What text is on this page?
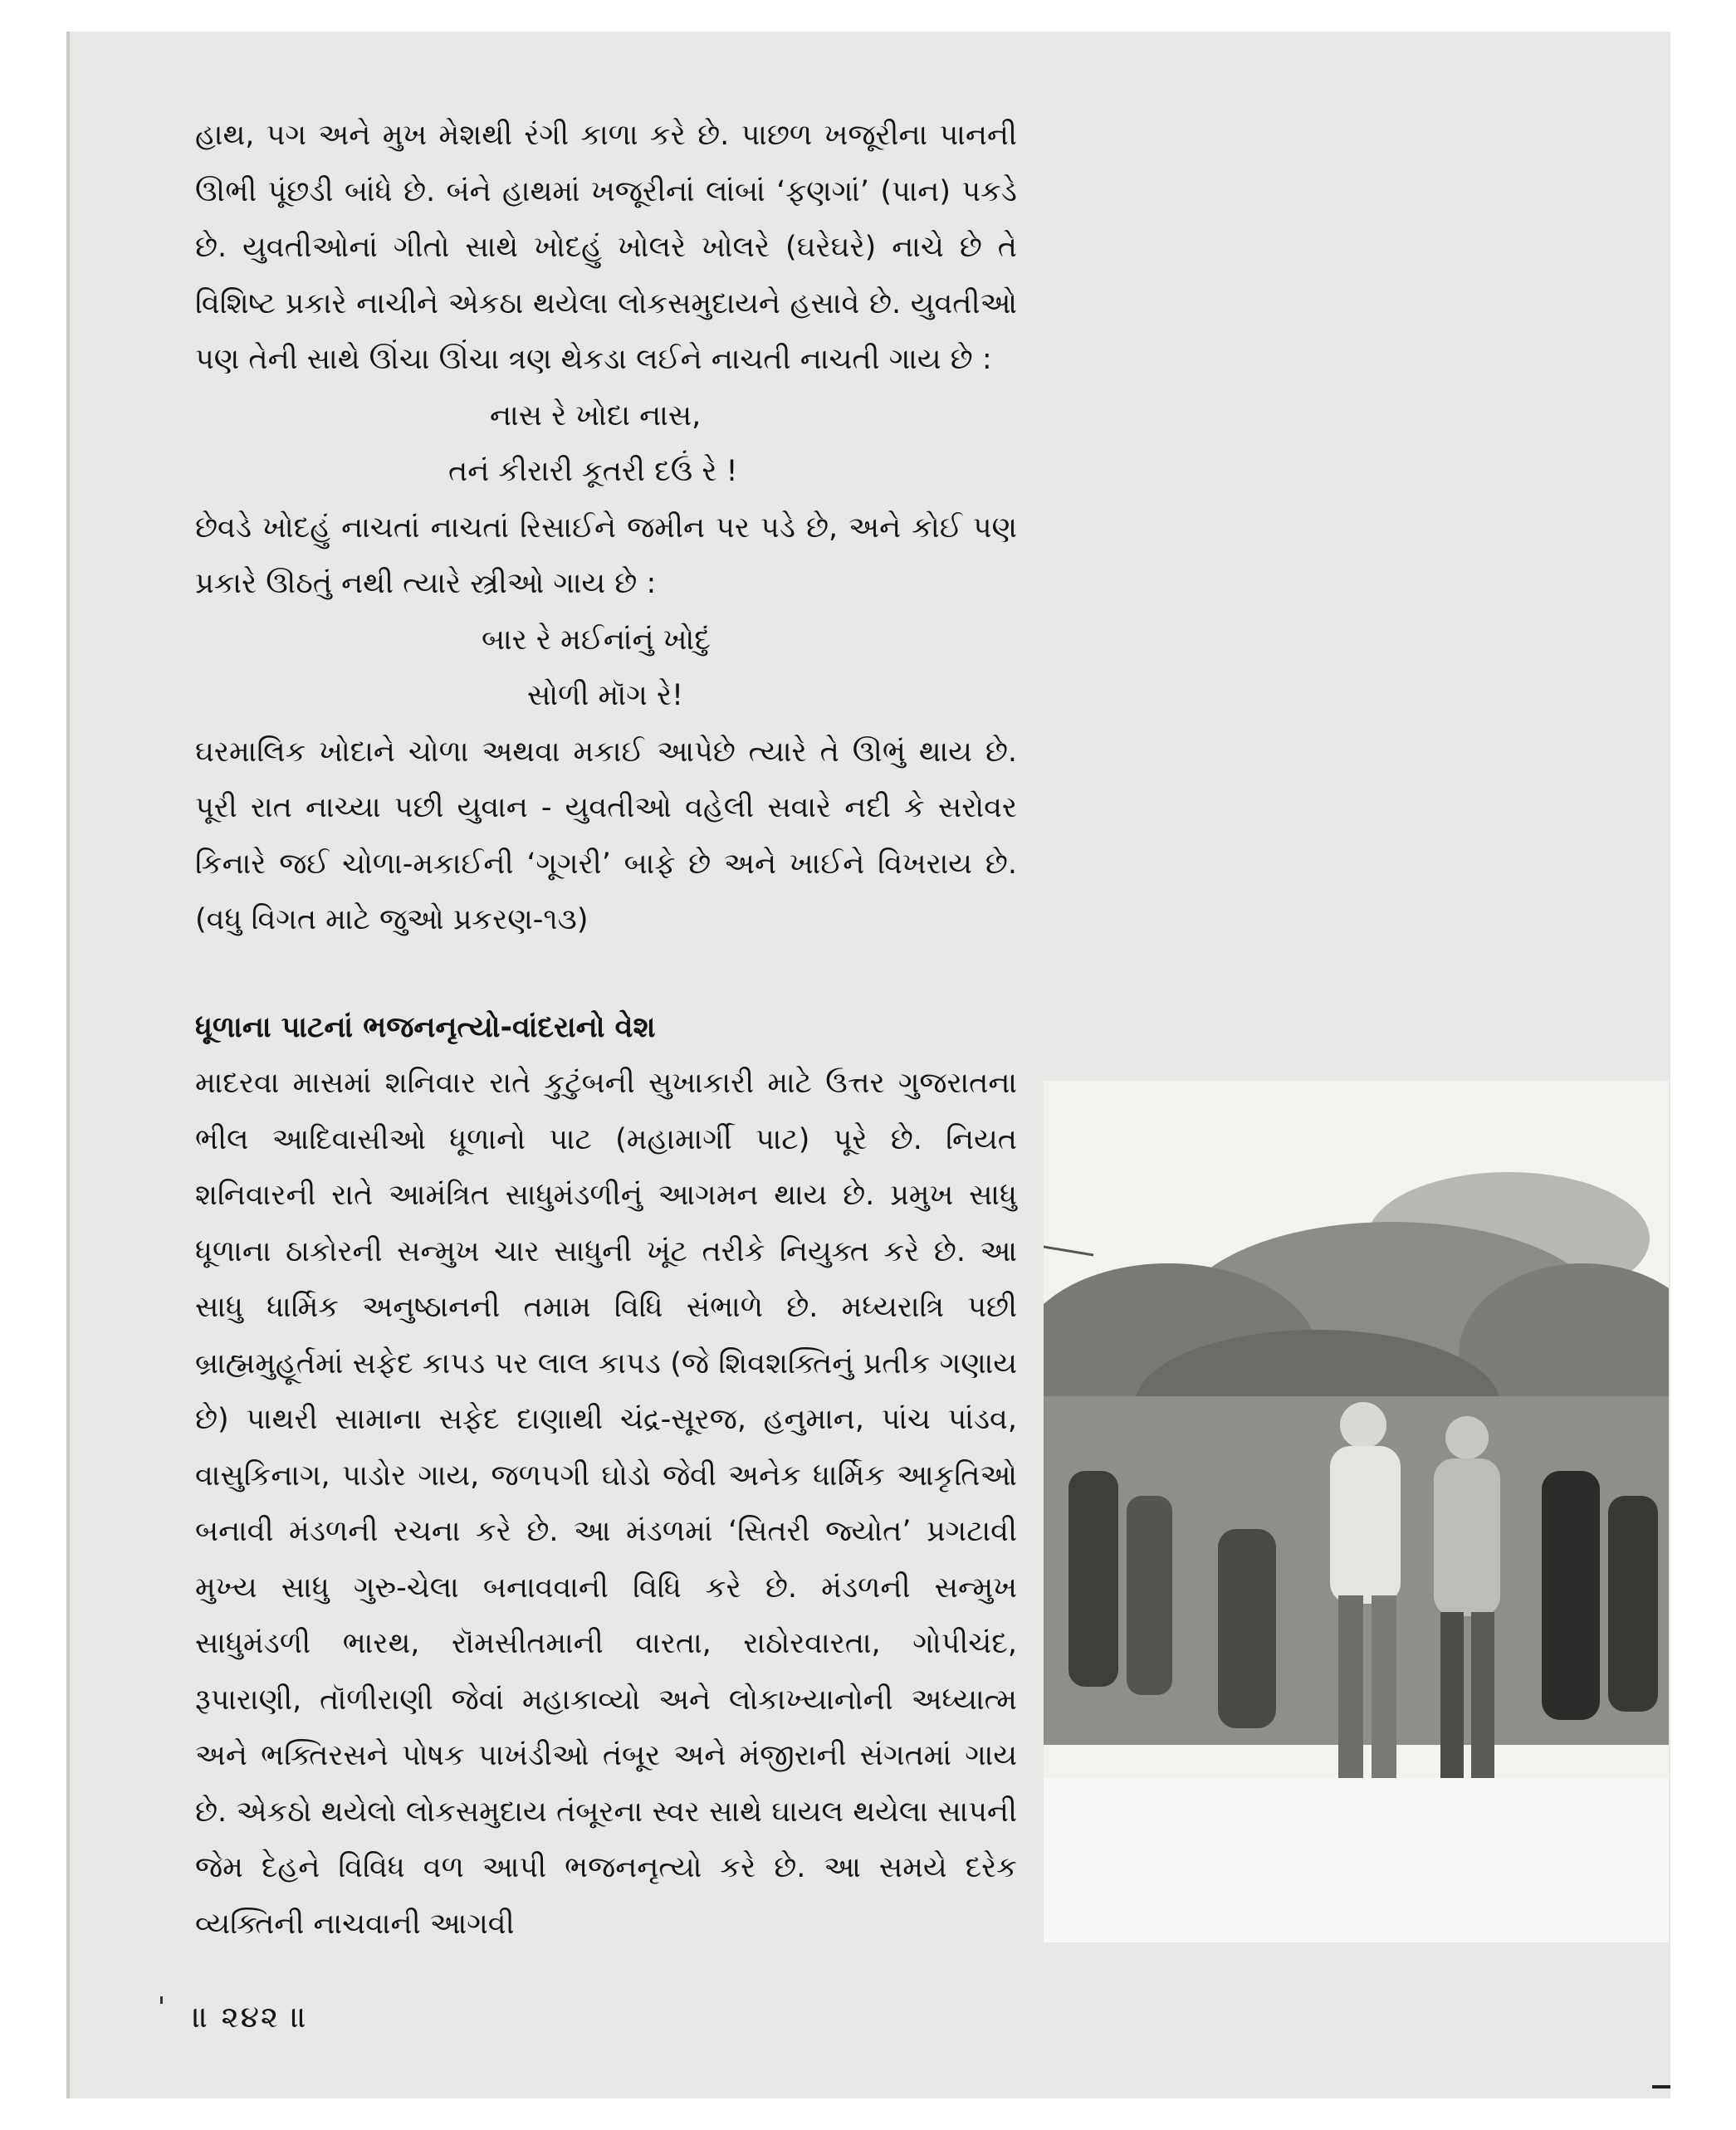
હાથ, પગ અને મુખ મેશથી રંગી કાળા કરે છે. પાછળ ખજૂરીના પાનની ઊભી પૂંછડી બાંધે છે. બંને હાથમાં ખજૂરીનાં લાંબાં ‘ફણગાં’ (પાન) પકડે છે. યુવતીઓનાં ગીતો સાથે ખોદહું ખોલરે ખોલરે (ઘરેઘરે) નાચે છે તે વિશિષ્ટ પ્રકારે નાચીને એકઠા થયેલા લોકસમુદાયને હસાવે છે. યુવતીઓ પણ તેની સાથે ઊંચા ઊંચા ત્રણ થેકડા લઈને નાચતી નાચતી ગાય છે :

નાસ રે ખોદા નાસ,

તનં કીરારી કૂતરી દઉં રે !

છેવડે ખોદહું નાચતાં નાચતાં રિસાઈને જમીન પર પડે છે, અને કોઈ પણ પ્રકારે ઊઠતું નથી ત્યારે સ્ત્રીઓ ગાય છે :

બાર રે મઈનાંનું ખોદું

સોળી મૉગ રે!

ઘરમાલિક ખોદાને ચોળા અથવા મકાઈ આપેછે ત્યારે તે ઊભું થાય છે. પૂરી રાત નાચ્યા પછી યુવાન - યુવતીઓ વહેલી સવારે નદી કે સરોવર કિનારે જઈ ચોળા-મકાઈની ‘ગૂગરી’ બાફે છે અને ખાઈને વિખરાય છે. (વધુ વિગત માટે જુઓ પ્રકરણ-૧૩)

ધૂળાના પાટનાં ભજનનૃત્યો-વાંદરાનો વેશ

માદરવા માસમાં શનિવાર રાતે કુટુંબની સુખાકારી માટે ઉત્તર ગુજરાતના ભીલ આદિવાસીઓ ધૂળાનો પાટ (મહામાર્ગી પાટ) પૂરે છે. નિયત શનિવારની રાતે આમંત્રિત સાધુમંડળીનું આગમન થાય છે. પ્રમુખ સાધુ ધૂળાના ઠાકોરની સન્મુખ ચાર સાધુની ખૂંટ તરીકે નિયુક્ત કરે છે. આ સાધુ ધાર્મિક અનુષ્ઠાનની તમામ વિધિ સંભાળે છે. મધ્યરાત્રિ પછી બ્રાહ્મમુહૂર્તમાં સફેદ કાપડ પર લાલ કાપડ (જે શિવશક્તિનું પ્રતીક ગણાય છે) પાથરી સામાના સફેદ દાણાથી ચંદ્ર-સૂરજ, હનુમાન, પાંચ પાંડવ, વાસુકિનાગ, પાડોર ગાય, જળપગી ઘોડો જેવી અનેક ધાર્મિક આકૃતિઓ બનાવી મંડળની રચના કરે છે. આ મંડળમાં ‘સિતરી જ્યોત’ પ્રગટાવી મુખ્ય સાધુ ગુરુ-ચેલા બનાવવાની વિધિ કરે છે. મંડળની સન્મુખ સાધુમંડળી ભારથ, રૉમસીતમાની વારતા, રાઠોરવારતા, ગોપીચંદ, રૂપારાણી, તૉળીરાણી જેવાં મહાકાવ્યો અને લોકાખ્યાનોની અધ્યાત્મ અને ભક્તિરસને પોષક પાખંડીઓ તંબૂર અને મંજીરાની સંગતમાં ગાય છે. એકઠો થયેલો લોકસમુદાય તંબૂરના સ્વર સાથે ઘાયલ થયેલા સાપની જેમ દેહને વિવિધ વળ આપી ભજનનૃત્યો કરે છે. આ સમયે દરેક વ્યક્તિની નાચવાની આગવી

॥ ૨૪૨ ॥
